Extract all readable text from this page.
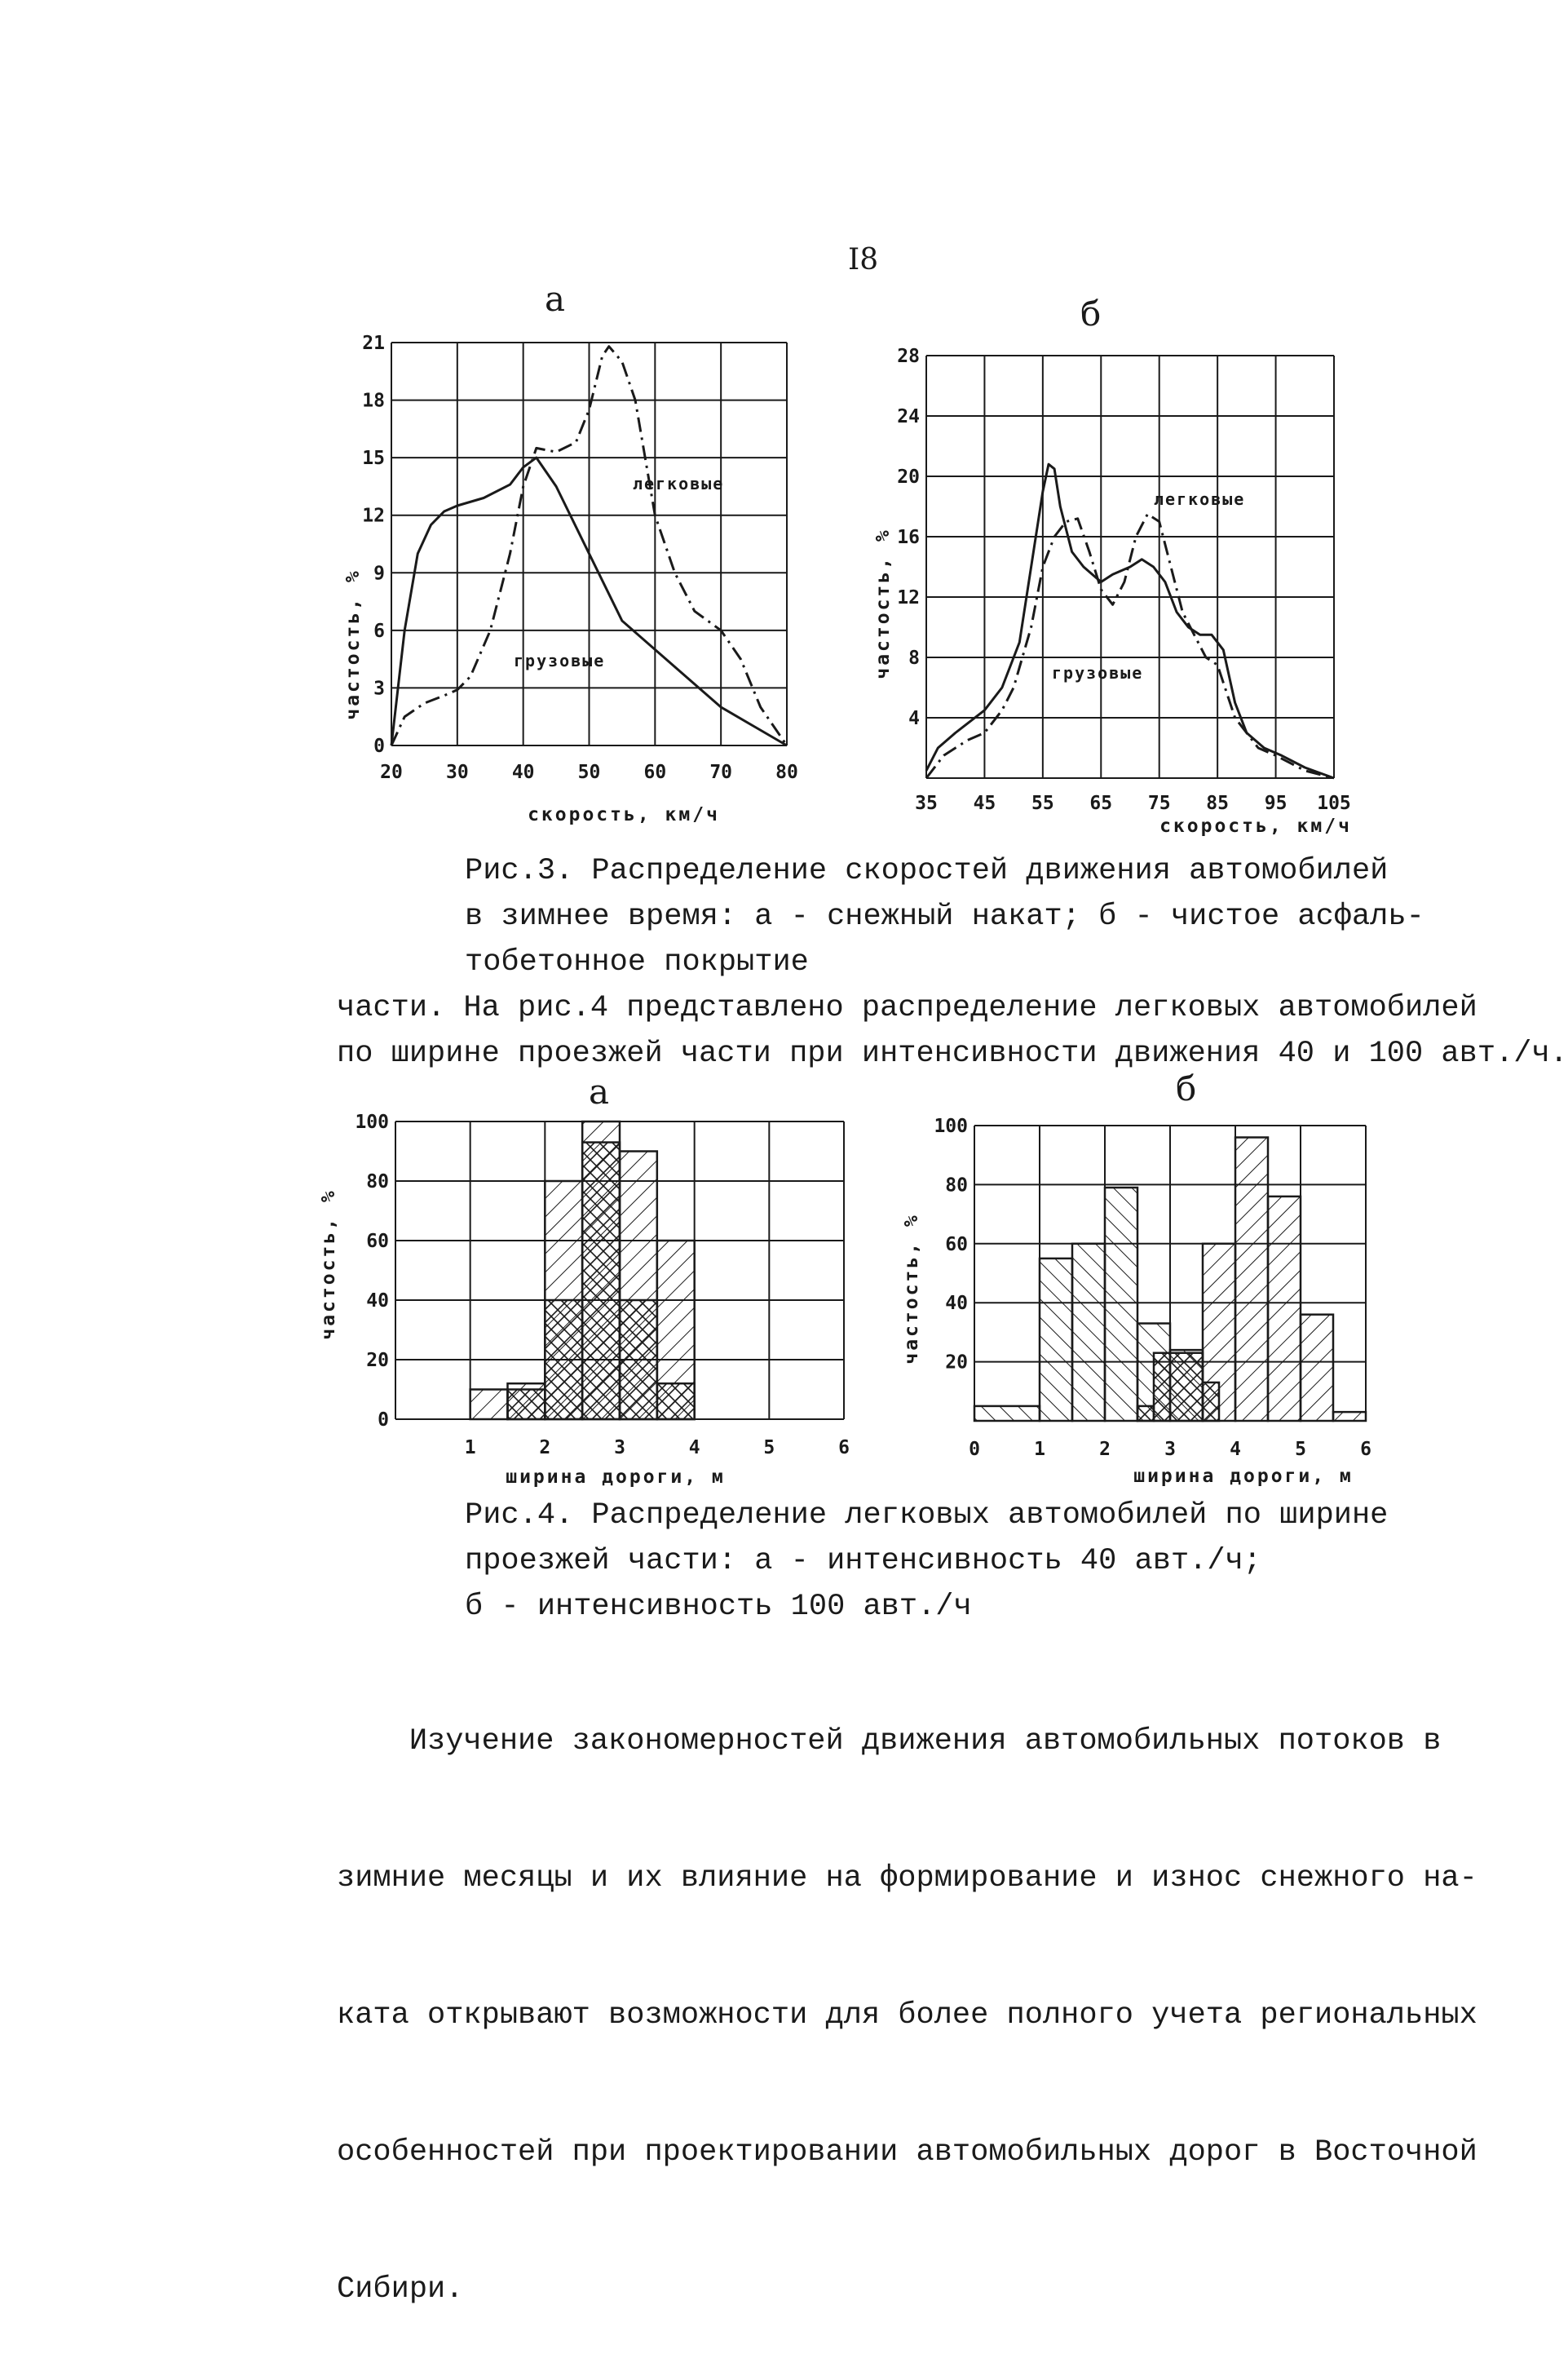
I8
a	б
20 30 40 50 60 70 80
0
3
6
9
12
15
18
21
частость, %
скорость, км/ч
легковые
грузовые
35 45 55 65 75 85 95 105
4
8
12
16
20
24
28
частость, %
скорость, км/ч
легковые
грузовые
Рис.3. Распределение скоростей движения автомобилей
в зимнее время: а - снежный накат; б - чистое асфаль-
тобетонное покрытие
части. На рис.4 представлено распределение легковых автомобилей
по ширине проезжей части при интенсивности движения 40 и 100 авт./ч.
a	б
1	2	3	4	5	6
0
20
40
60
80
100
частость, %
ширина дороги, м
0	1	2	3	4	5	6
20
40
60
80
100
частость, %
ширина дороги, м
Рис.4. Распределение легковых автомобилей по ширине
проезжей части: а - интенсивность 40 авт./ч;
б - интенсивность 100 авт./ч

Изучение закономерностей движения автомобильных потоков в

зимние месяцы и их влияние на формирование и износ снежного на-

ката открывают возможности для более полного учета региональных

особенностей при проектировании автомобильных дорог в Восточной

Сибири.
